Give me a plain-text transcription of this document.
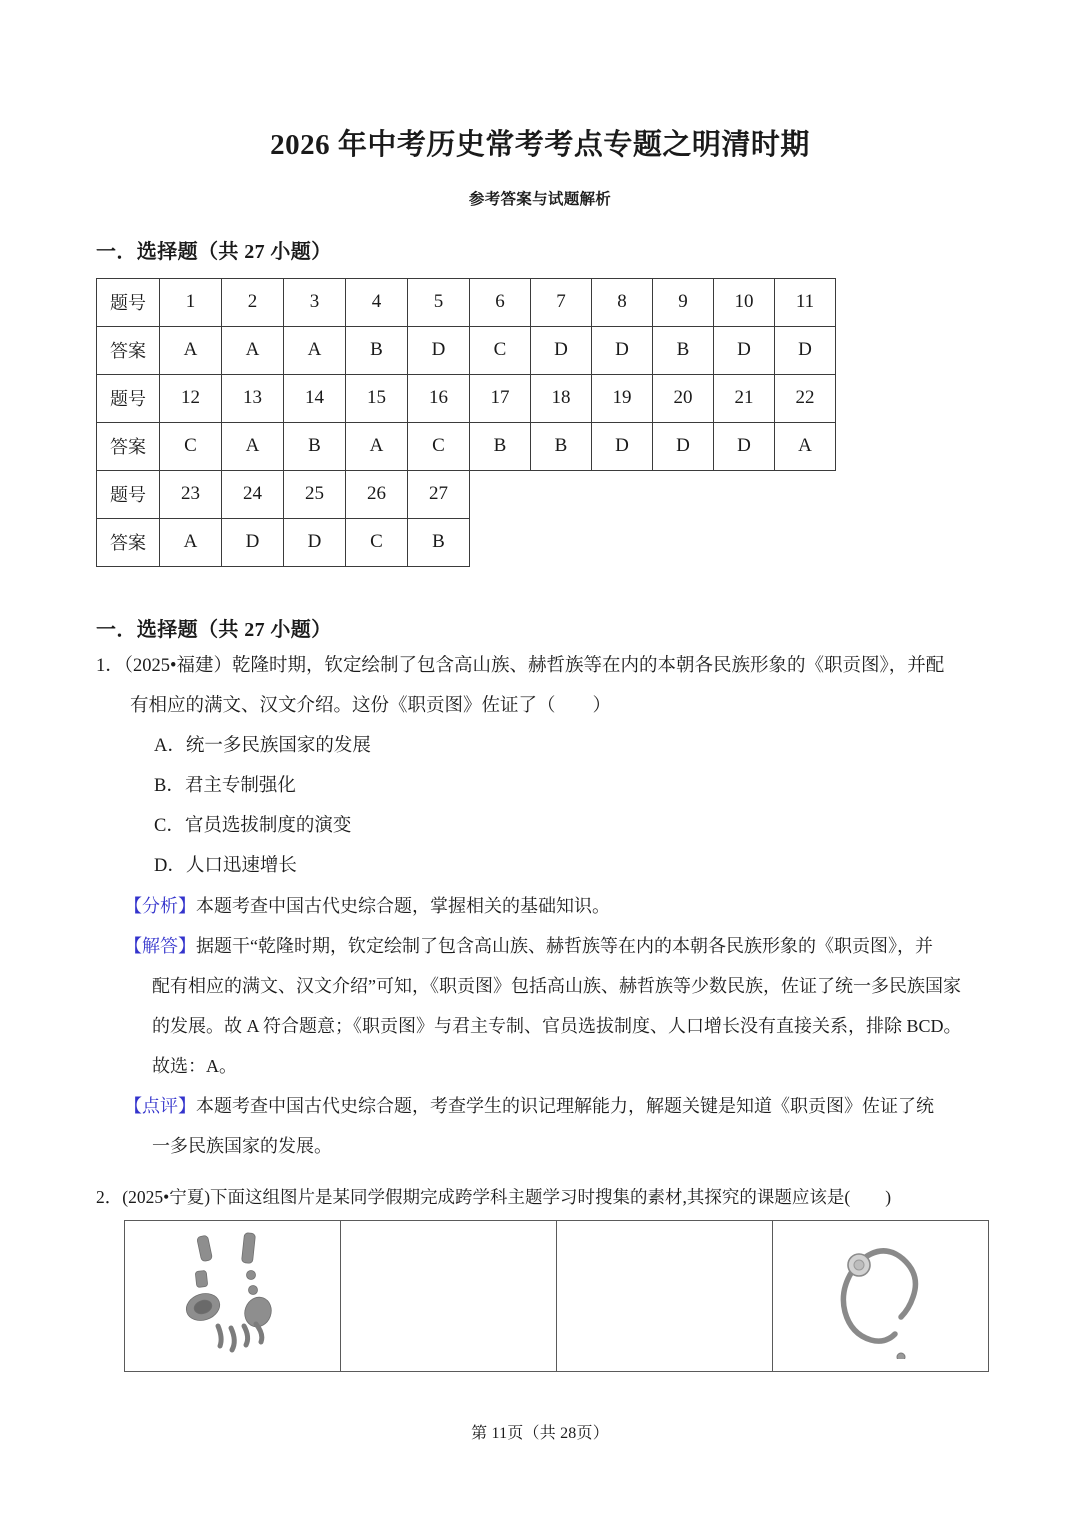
2026 年中考历史常考考点专题之明清时期
参考答案与试题解析
一．选择题（共 27 小题）
题号	1	2	3	4	5	6	7	8	9	10	11
答案	A	A	A	B	D	C	D	D	B	D	D
题号	12	13	14	15	16	17	18	19	20	21	22
答案	C	A	B	A	C	B	B	D	D	D	A
题号	23	24	25	26	27						
答案	A	D	D	C	B						
一．选择题（共 27 小题）
1．（2025•福建）乾隆时期，钦定绘制了包含高山族、赫哲族等在内的本朝各民族形象的《职贡图》，并配
有相应的满文、汉文介绍。这份《职贡图》佐证了（　　）
A．统一多民族国家的发展
B．君主专制强化
C．官员选拔制度的演变
D．人口迅速增长
【分析】本题考查中国古代史综合题，掌握相关的基础知识。
【解答】据题干“乾隆时期，钦定绘制了包含高山族、赫哲族等在内的本朝各民族形象的《职贡图》，并
配有相应的满文、汉文介绍”可知，《职贡图》包括高山族、赫哲族等少数民族，佐证了统一多民族国家
的发展。故 A 符合题意；《职贡图》与君主专制、官员选拔制度、人口增长没有直接关系，排除 BCD。
故选：A。
【点评】本题考查中国古代史综合题，考查学生的识记理解能力，解题关键是知道《职贡图》佐证了统
一多民族国家的发展。
2．(2025•宁夏)下面这组图片是某同学假期完成跨学科主题学习时搜集的素材,其探究的课题应该是(　　)

第 11页（共 28页）
